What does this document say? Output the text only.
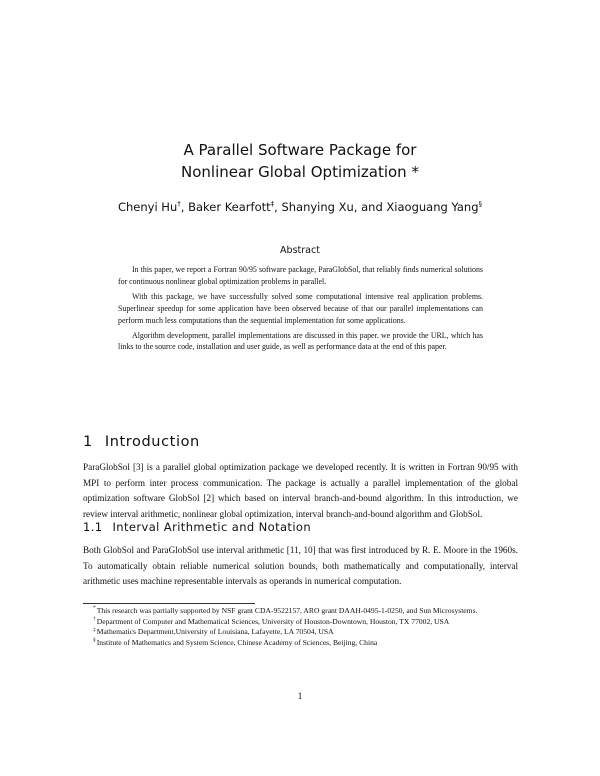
A Parallel Software Package for
Nonlinear Global Optimization *
Chenyi Hu†, Baker Kearfott‡, Shanying Xu, and Xiaoguang Yang§
Abstract

In this paper, we report a Fortran 90/95 software package, ParaGlobSol, that reliably finds numerical solutions for continuous nonlinear global optimization problems in parallel.

With this package, we have successfully solved some computational intensive real application problems. Superlinear speedup for some application have been observed because of that our parallel implementations can perform much less computations than the sequential implementation for some applications.

Algorithm development, parallel implementations are discussed in this paper. we provide the URL, which has links to the source code, installation and user guide, as well as performance data at the end of this paper.

1 Introduction
ParaGlobSol [3] is a parallel global optimization package we developed recently. It is written in Fortran 90/95 with MPI to perform inter process communication. The package is actually a parallel implementation of the global optimization software GlobSol [2] which based on interval branch-and-bound algorithm. In this introduction, we review interval arithmetic, nonlinear global optimization, interval branch-and-bound algorithm and GlobSol.
1.1 Interval Arithmetic and Notation
Both GlobSol and ParaGlobSol use interval arithmetic [11, 10] that was first introduced by R. E. Moore in the 1960s. To automatically obtain reliable numerical solution bounds, both mathematically and computationally, interval arithmetic uses machine representable intervals as operands in numerical computation.

*This research was partially supported by NSF grant CDA-9522157, ARO grant DAAH-0495-1-0250, and Sun Microsystems.

†Department of Computer and Mathematical Sciences, University of Houston-Downtown, Houston, TX 77002, USA

‡Mathematics Department,University of Louisiana, Lafayette, LA 70504, USA

§Institute of Mathematics and System Science, Chinese Academy of Sciences, Beijing, China

1
